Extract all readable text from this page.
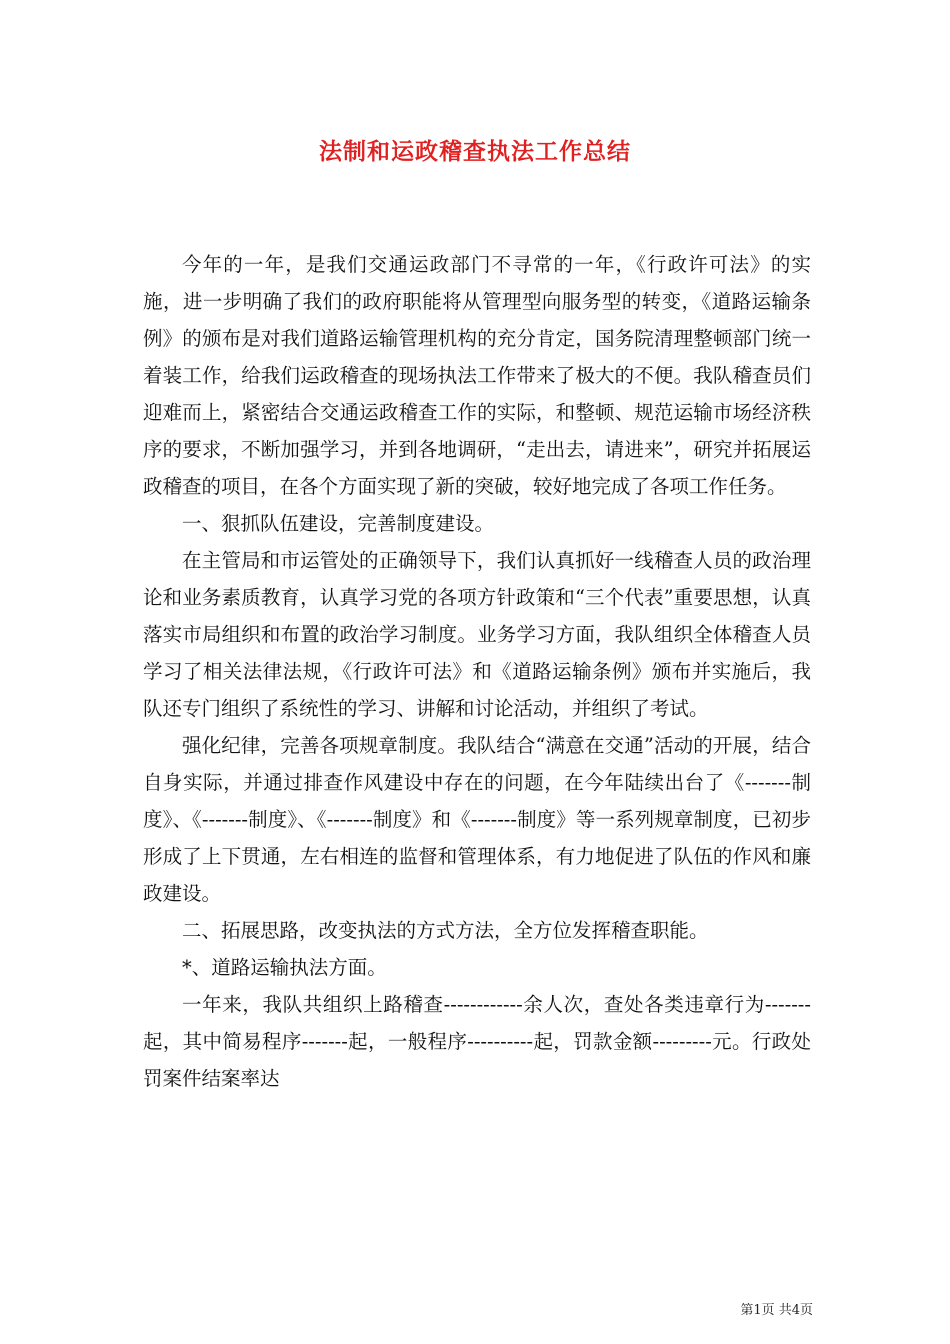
法制和运政稽查执法工作总结

今年的一年，是我们交通运政部门不寻常的一年，《行政许可法》的实施，进一步明确了我们的政府职能将从管理型向服务型的转变，《道路运输条例》的颁布是对我们道路运输管理机构的充分肯定，国务院清理整顿部门统一着装工作，给我们运政稽查的现场执法工作带来了极大的不便。我队稽查员们迎难而上，紧密结合交通运政稽查工作的实际，和整顿、规范运输市场经济秩序的要求，不断加强学习，并到各地调研，“走出去，请进来”，研究并拓展运政稽查的项目，在各个方面实现了新的突破，较好地完成了各项工作任务。

一、狠抓队伍建设，完善制度建设。

在主管局和市运管处的正确领导下，我们认真抓好一线稽查人员的政治理论和业务素质教育，认真学习党的各项方针政策和“三个代表”重要思想，认真落实市局组织和布置的政治学习制度。业务学习方面，我队组织全体稽查人员学习了相关法律法规，《行政许可法》和《道路运输条例》颁布并实施后，我队还专门组织了系统性的学习、讲解和讨论活动，并组织了考试。

强化纪律，完善各项规章制度。我队结合“满意在交通”活动的开展，结合自身实际，并通过排查作风建设中存在的问题，在今年陆续出台了《-------制度》、《-------制度》、《-------制度》和《-------制度》等一系列规章制度，已初步形成了上下贯通，左右相连的监督和管理体系，有力地促进了队伍的作风和廉政建设。

二、拓展思路，改变执法的方式方法，全方位发挥稽查职能。

*、道路运输执法方面。

一年来，我队共组织上路稽查------------余人次，查处各类违章行为-------起，其中简易程序-------起，一般程序----------起，罚款金额---------元。行政处罚案件结案率达

第1页 共4页
